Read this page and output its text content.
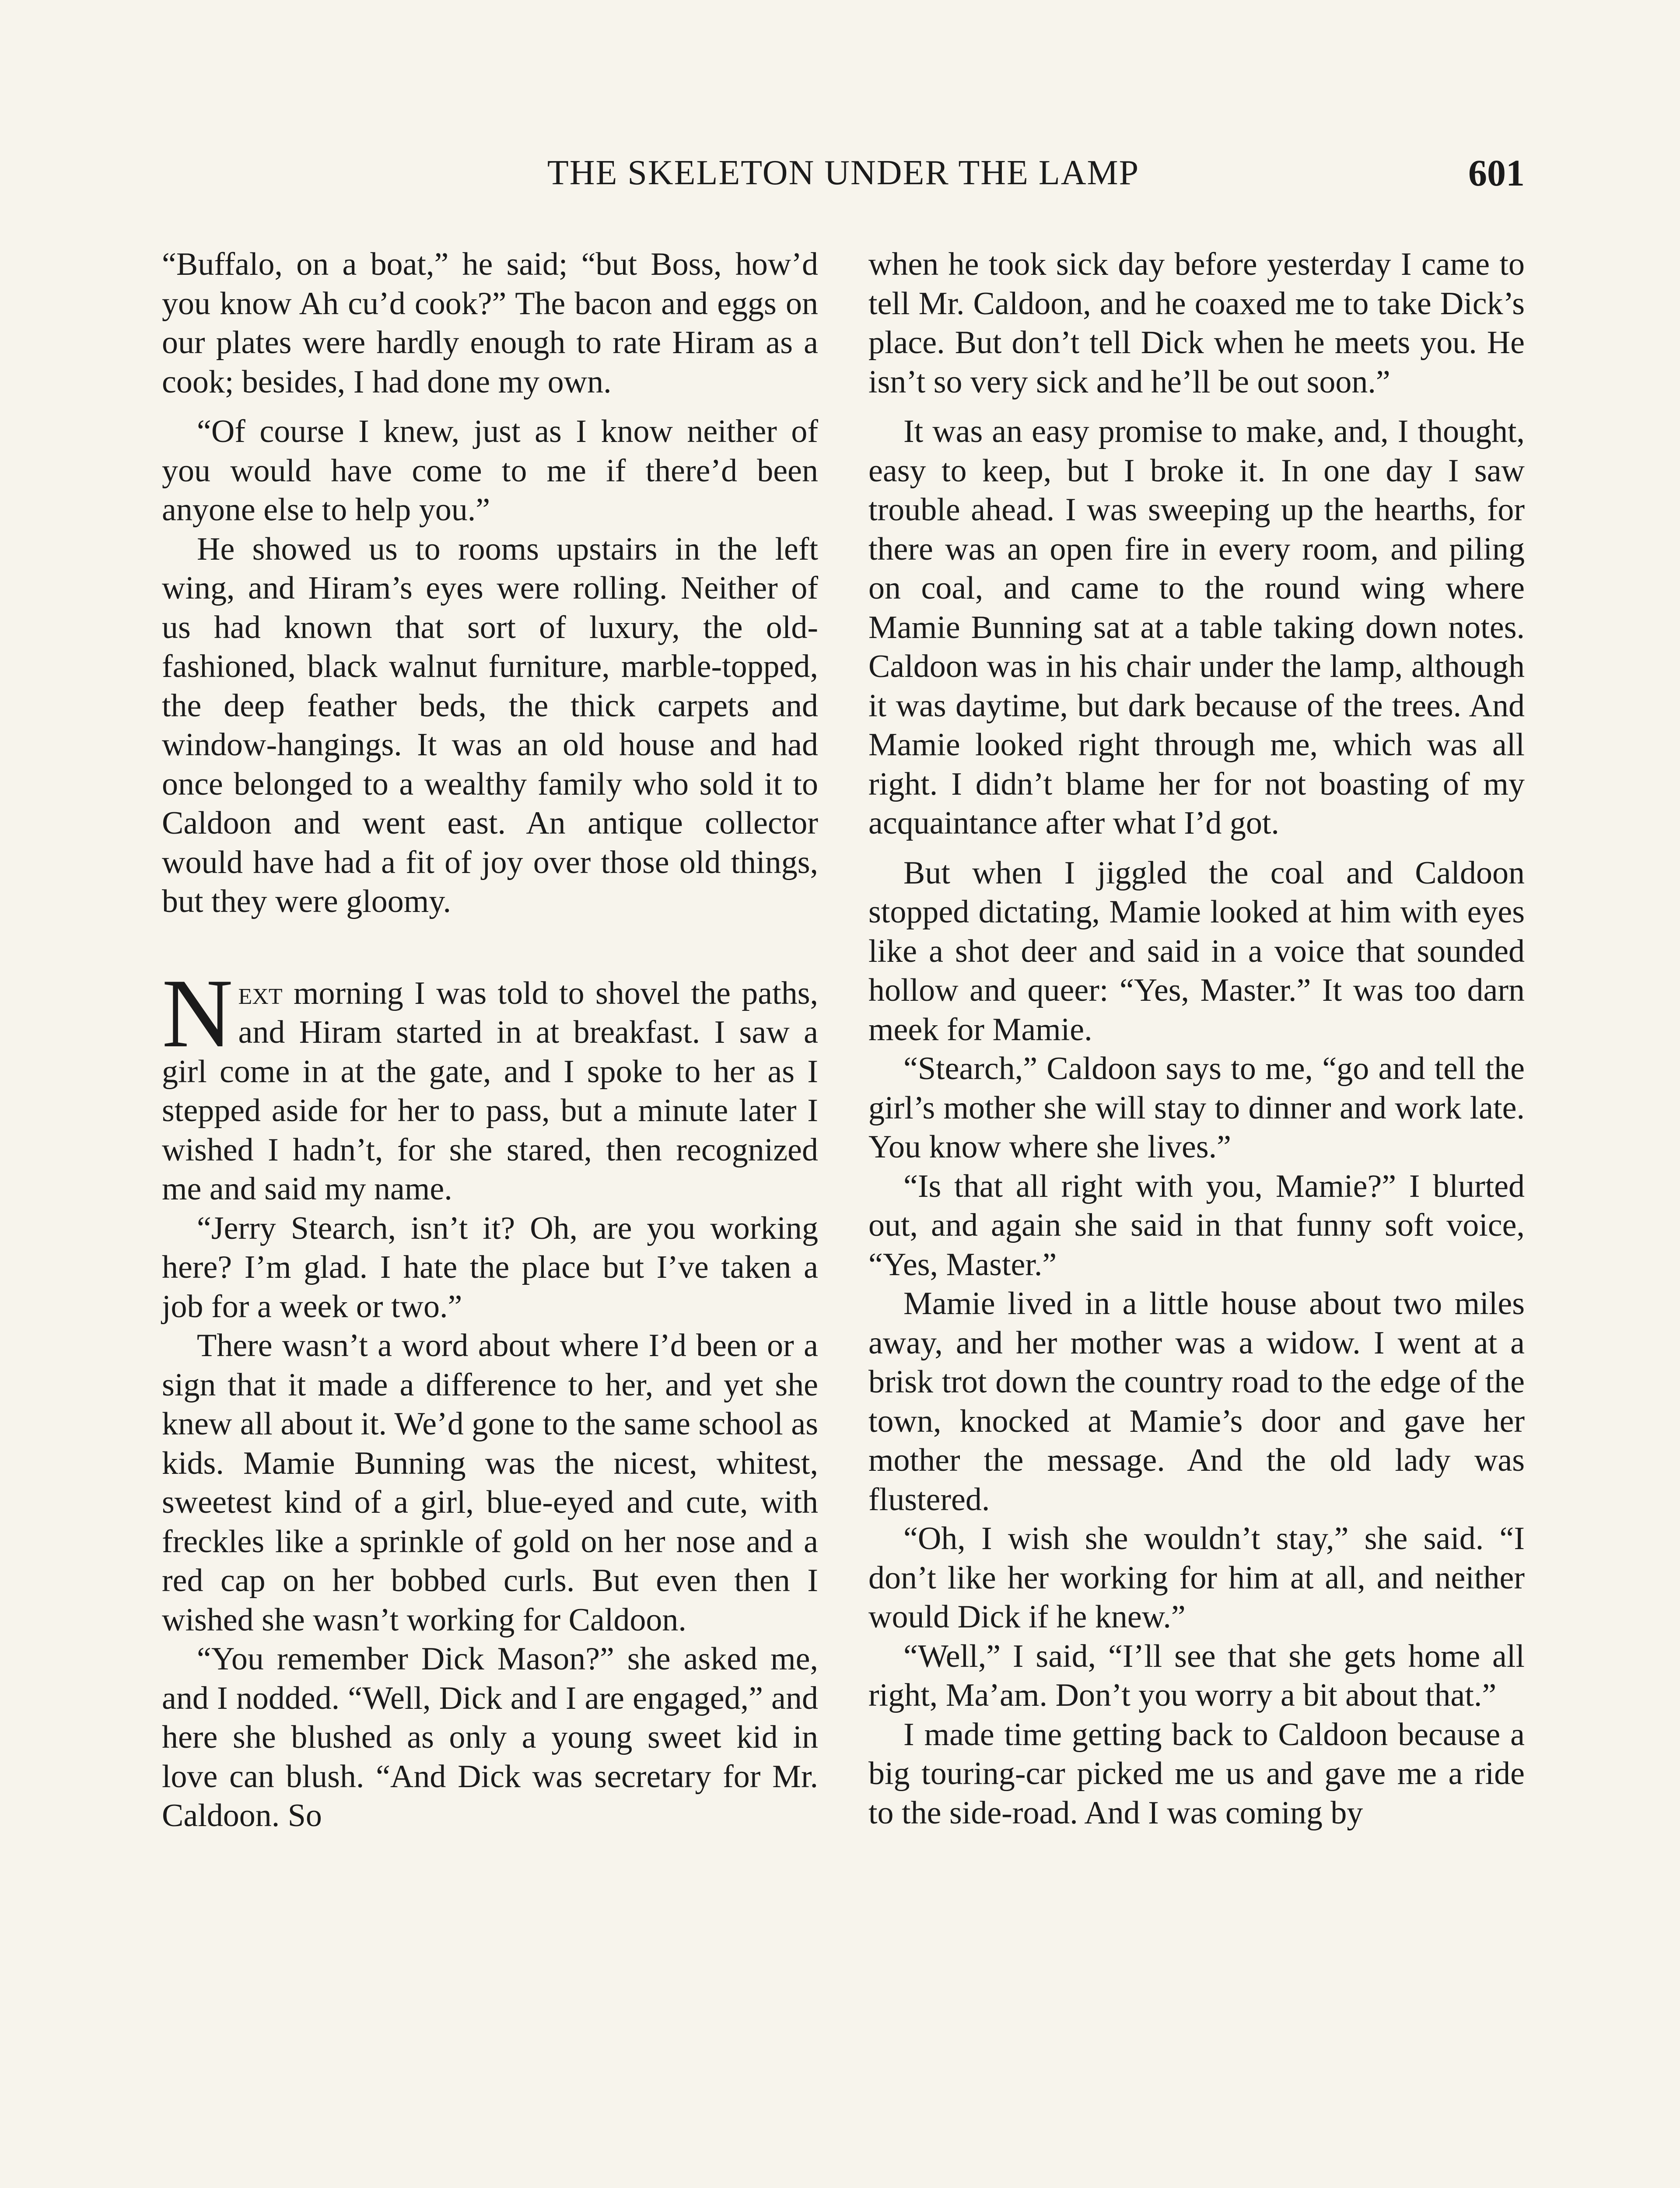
THE SKELETON UNDER THE LAMP	601

“Buffalo, on a boat,” he said; “but Boss, how’d you know Ah cu’d cook?” The bacon and eggs on our plates were hardly enough to rate Hiram as a cook; besides, I had done my own.

“Of course I knew, just as I know neither of you would have come to me if there’d been anyone else to help you.”

He showed us to rooms upstairs in the left wing, and Hiram’s eyes were rolling. Neither of us had known that sort of luxury, the old-fashioned, black walnut furniture, marble-topped, the deep feather beds, the thick carpets and window-hangings. It was an old house and had once belonged to a wealthy family who sold it to Caldoon and went east. An antique collector would have had a fit of joy over those old things, but they were gloomy.

Next morning I was told to shovel the paths, and Hiram started in at breakfast. I saw a girl come in at the gate, and I spoke to her as I stepped aside for her to pass, but a minute later I wished I hadn’t, for she stared, then recognized me and said my name.

“Jerry Stearch, isn’t it? Oh, are you working here? I’m glad. I hate the place but I’ve taken a job for a week or two.”

There wasn’t a word about where I’d been or a sign that it made a difference to her, and yet she knew all about it. We’d gone to the same school as kids. Mamie Bunning was the nicest, whitest, sweetest kind of a girl, blue-eyed and cute, with freckles like a sprinkle of gold on her nose and a red cap on her bobbed curls. But even then I wished she wasn’t working for Caldoon.

“You remember Dick Mason?” she asked me, and I nodded. “Well, Dick and I are engaged,” and here she blushed as only a young sweet kid in love can blush. “And Dick was secretary for Mr. Caldoon. So

when he took sick day before yesterday I came to tell Mr. Caldoon, and he coaxed me to take Dick’s place. But don’t tell Dick when he meets you. He isn’t so very sick and he’ll be out soon.”

It was an easy promise to make, and, I thought, easy to keep, but I broke it. In one day I saw trouble ahead. I was sweeping up the hearths, for there was an open fire in every room, and piling on coal, and came to the round wing where Mamie Bunning sat at a table taking down notes. Caldoon was in his chair under the lamp, although it was daytime, but dark because of the trees. And Mamie looked right through me, which was all right. I didn’t blame her for not boasting of my acquaintance after what I’d got.

But when I jiggled the coal and Caldoon stopped dictating, Mamie looked at him with eyes like a shot deer and said in a voice that sounded hollow and queer: “Yes, Master.” It was too darn meek for Mamie.

“Stearch,” Caldoon says to me, “go and tell the girl’s mother she will stay to dinner and work late. You know where she lives.”

“Is that all right with you, Mamie?” I blurted out, and again she said in that funny soft voice, “Yes, Master.”

Mamie lived in a little house about two miles away, and her mother was a widow. I went at a brisk trot down the country road to the edge of the town, knocked at Mamie’s door and gave her mother the message. And the old lady was flustered.

“Oh, I wish she wouldn’t stay,” she said. “I don’t like her working for him at all, and neither would Dick if he knew.”

“Well,” I said, “I’ll see that she gets home all right, Ma’am. Don’t you worry a bit about that.”

I made time getting back to Caldoon because a big touring-car picked me us and gave me a ride to the side-road. And I was coming by
